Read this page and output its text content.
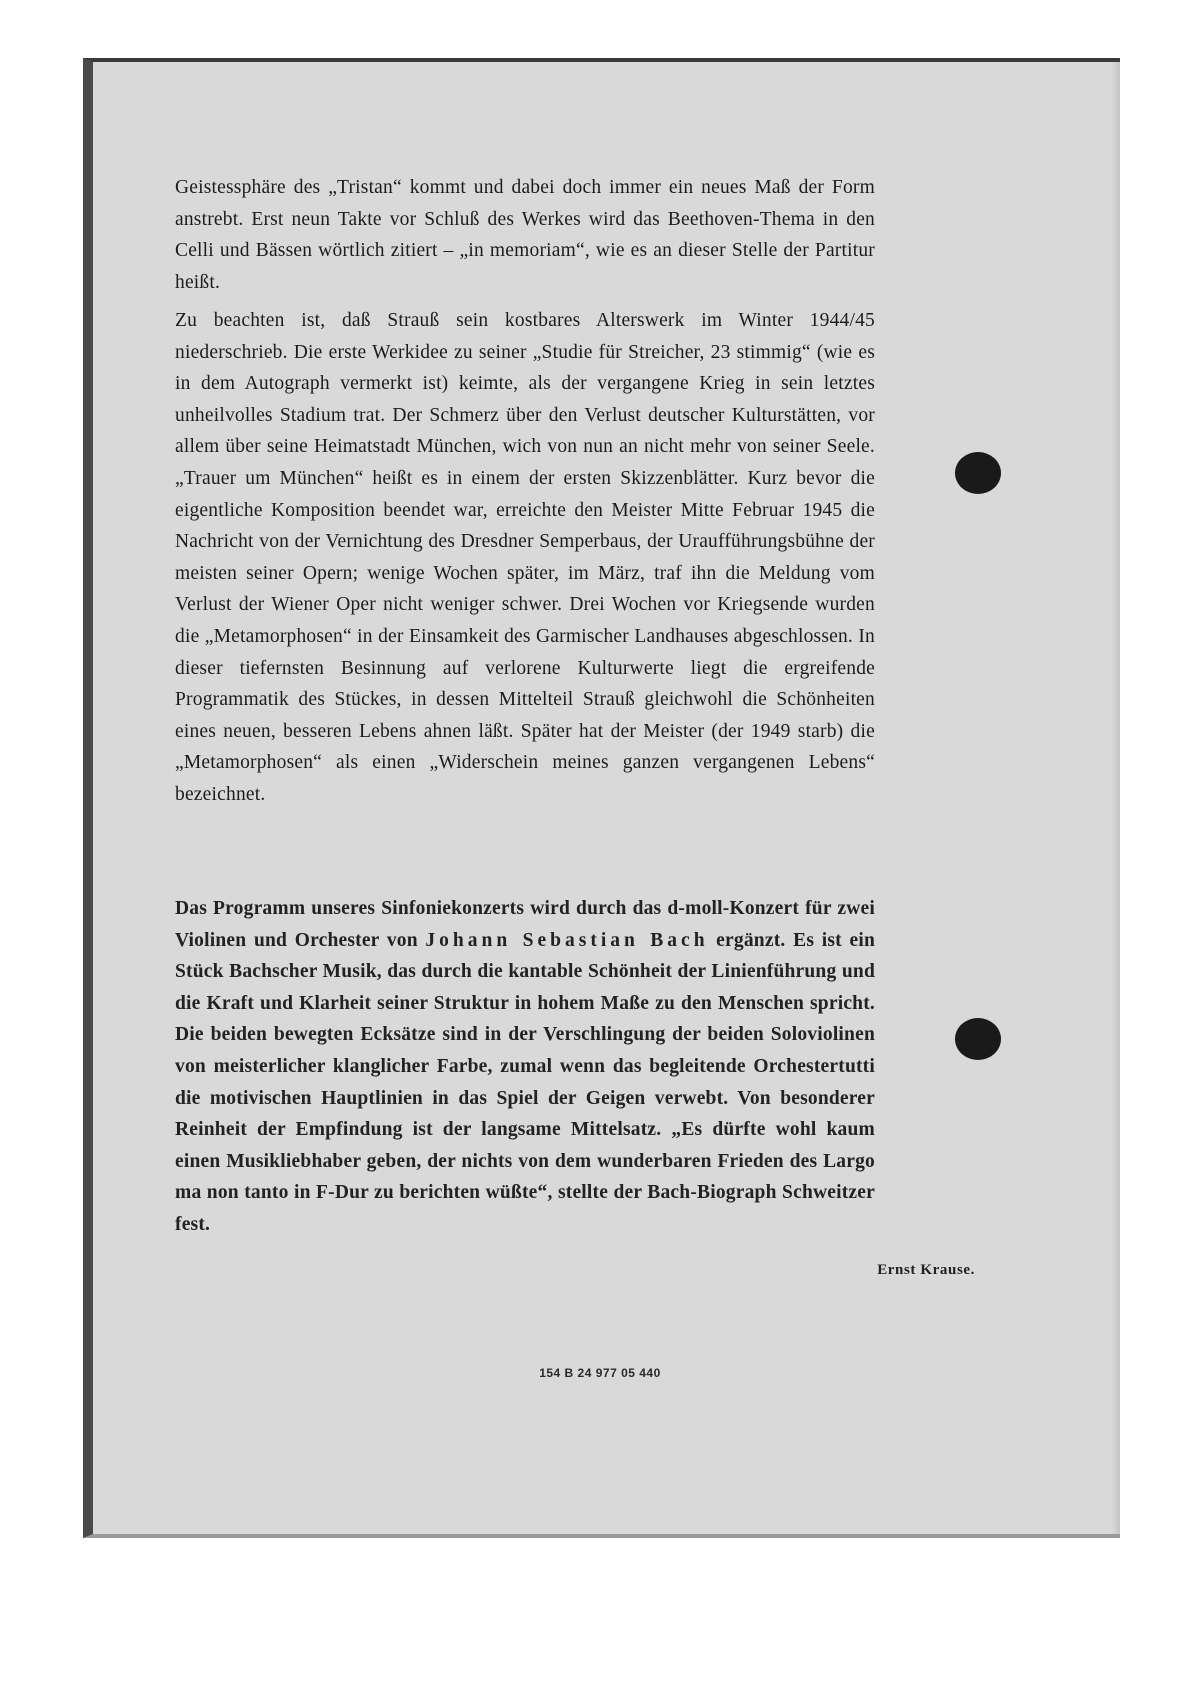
Geistessphäre des „Tristan“ kommt und dabei doch immer ein neues Maß der Form anstrebt. Erst neun Takte vor Schluß des Werkes wird das Beethoven-Thema in den Celli und Bässen wörtlich zitiert – „in memoriam“, wie es an dieser Stelle der Partitur heißt.

Zu beachten ist, daß Strauß sein kostbares Alterswerk im Winter 1944/45 niederschrieb. Die erste Werkidee zu seiner „Studie für Streicher, 23 stimmig“ (wie es in dem Autograph vermerkt ist) keimte, als der vergangene Krieg in sein letztes unheilvolles Stadium trat. Der Schmerz über den Verlust deutscher Kulturstätten, vor allem über seine Heimatstadt München, wich von nun an nicht mehr von seiner Seele. „Trauer um München“ heißt es in einem der ersten Skizzenblätter. Kurz bevor die eigentliche Komposition beendet war, erreichte den Meister Mitte Februar 1945 die Nachricht von der Vernichtung des Dresdner Semperbaus, der Uraufführungsbühne der meisten seiner Opern; wenige Wochen später, im März, traf ihn die Meldung vom Verlust der Wiener Oper nicht weniger schwer. Drei Wochen vor Kriegsende wurden die „Metamorphosen“ in der Einsamkeit des Garmischer Landhauses abgeschlossen. In dieser tiefernsten Besinnung auf verlorene Kulturwerte liegt die ergreifende Programmatik des Stückes, in dessen Mittelteil Strauß gleichwohl die Schönheiten eines neuen, besseren Lebens ahnen läßt. Später hat der Meister (der 1949 starb) die „Metamorphosen“ als einen „Widerschein meines ganzen vergangenen Lebens“ bezeichnet.

Das Programm unseres Sinfoniekonzerts wird durch das d-moll-Konzert für zwei Violinen und Orchester von Johann Sebastian Bach ergänzt. Es ist ein Stück Bachscher Musik, das durch die kantable Schönheit der Linienführung und die Kraft und Klarheit seiner Struktur in hohem Maße zu den Menschen spricht. Die beiden bewegten Ecksätze sind in der Verschlingung der beiden Soloviolinen von meisterlicher klanglicher Farbe, zumal wenn das begleitende Orchestertutti die motivischen Hauptlinien in das Spiel der Geigen verwebt. Von besonderer Reinheit der Empfindung ist der langsame Mittelsatz. „Es dürfte wohl kaum einen Musikliebhaber geben, der nichts von dem wunderbaren Frieden des Largo ma non tanto in F-Dur zu berichten wüßte“, stellte der Bach-Biograph Schweitzer fest.

Ernst Krause.
154 B 24 977 05 440
